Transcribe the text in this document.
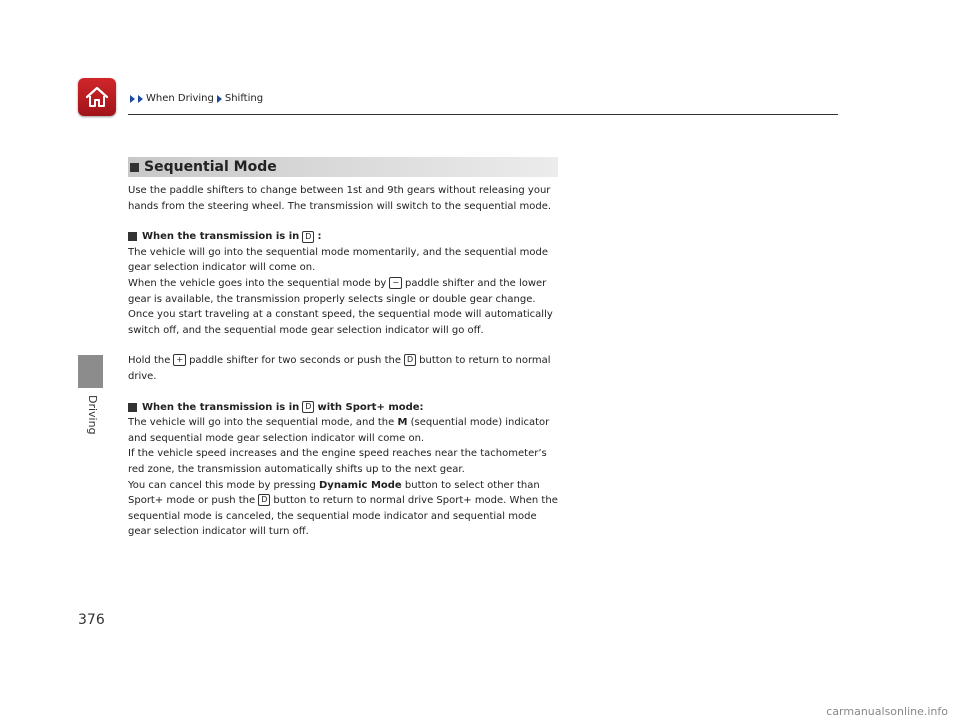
When Driving Shifting
Driving
376
Sequential Mode

Use the paddle shifters to change between 1st and 9th gears without releasing your hands from the steering wheel. The transmission will switch to the sequential mode.

When the transmission is in D :

The vehicle will go into the sequential mode momentarily, and the sequential mode gear selection indicator will come on.

When the vehicle goes into the sequential mode by − paddle shifter and the lower gear is available, the transmission properly selects single or double gear change.

Once you start traveling at a constant speed, the sequential mode will automatically switch off, and the sequential mode gear selection indicator will go off.

Hold the + paddle shifter for two seconds or push the D button to return to normal drive.

When the transmission is in D with Sport+ mode:

The vehicle will go into the sequential mode, and the M (sequential mode) indicator and sequential mode gear selection indicator will come on.

If the vehicle speed increases and the engine speed reaches near the tachometer’s red zone, the transmission automatically shifts up to the next gear.

You can cancel this mode by pressing Dynamic Mode button to select other than Sport+ mode or push the D button to return to normal drive Sport+ mode. When the sequential mode is canceled, the sequential mode indicator and sequential mode gear selection indicator will turn off.

carmanualsonline.info
